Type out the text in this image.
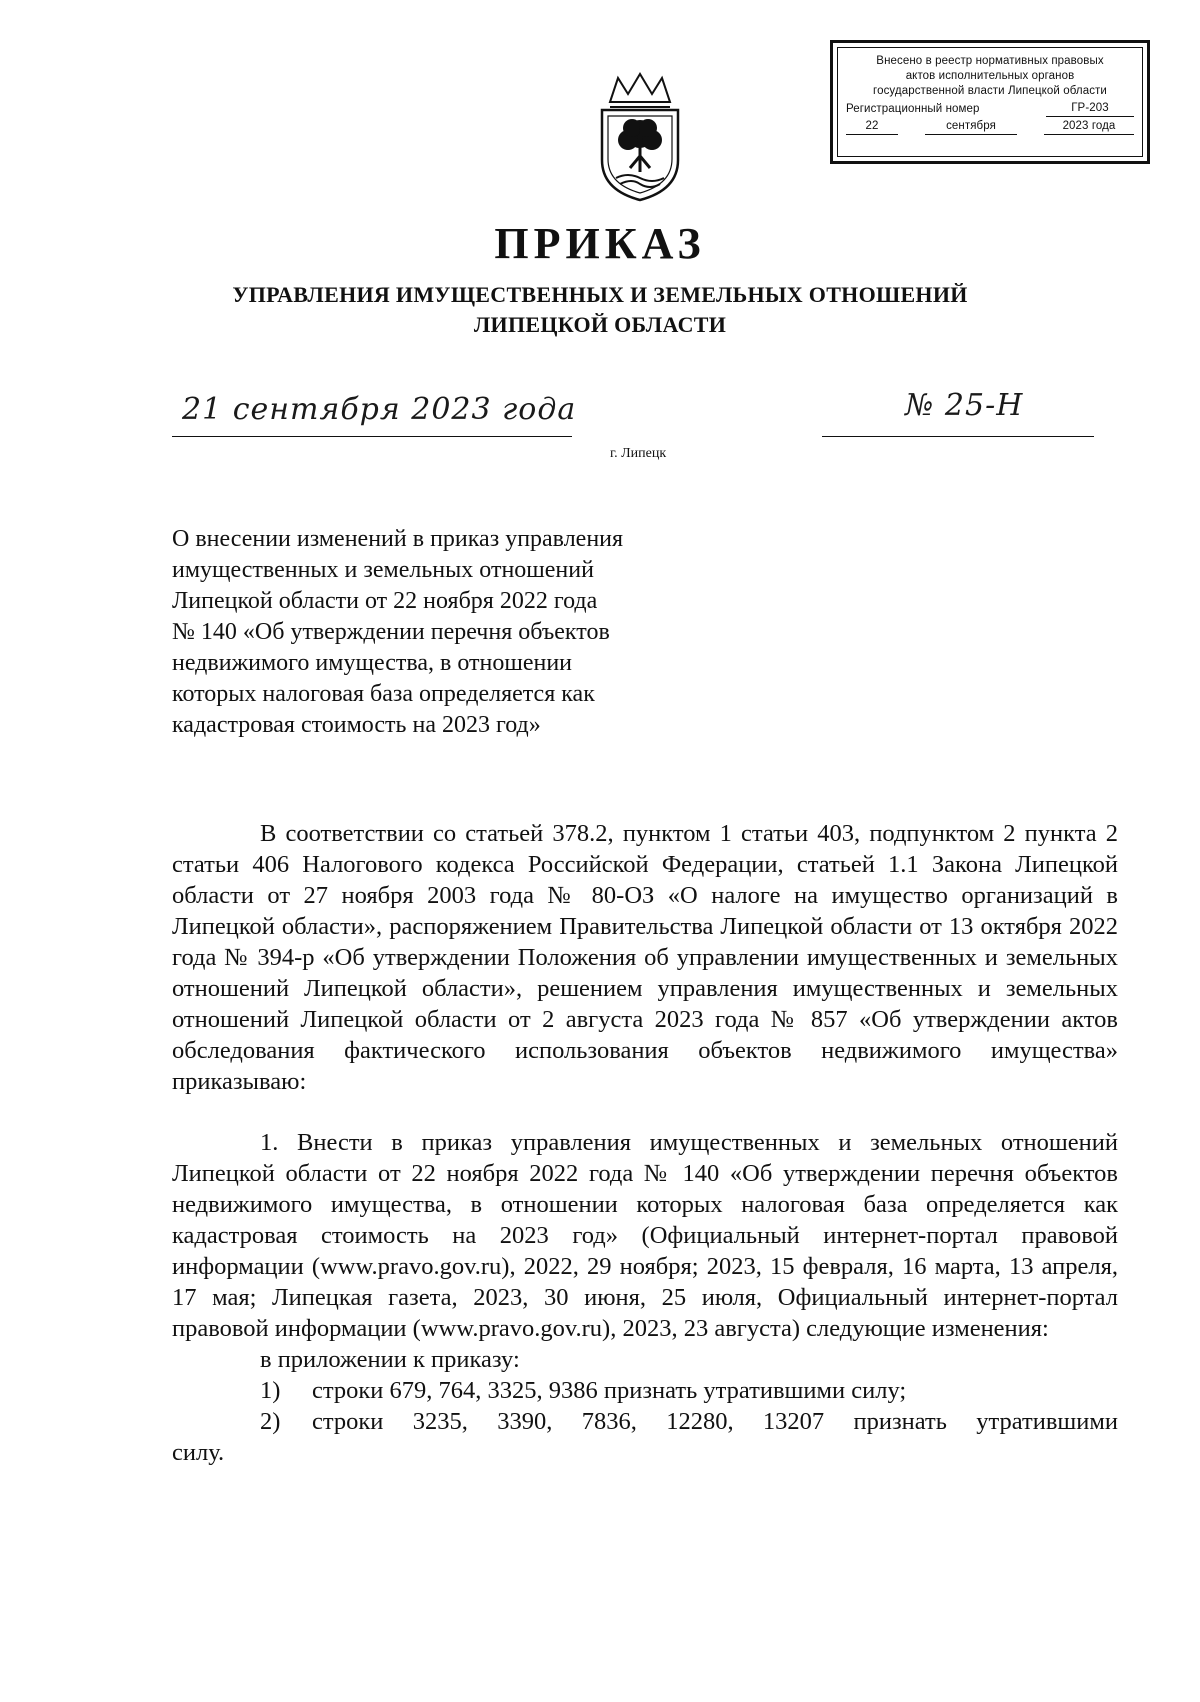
Внесено в реестр нормативных правовых
актов исполнительных органов
государственной власти Липецкой области
Регистрационный номер	ГР-203
22	сентября	2023 года
ПРИКАЗ
УПРАВЛЕНИЯ ИМУЩЕСТВЕННЫХ И ЗЕМЕЛЬНЫХ ОТНОШЕНИЙ
ЛИПЕЦКОЙ ОБЛАСТИ
21 сентября 2023 года	№ 25-Н
г. Липецк

О внесении изменений в приказ управления

имущественных и земельных отношений

Липецкой области от 22 ноября 2022 года

№ 140 «Об утверждении перечня объектов

недвижимого имущества, в отношении

которых налоговая база определяется как

кадастровая стоимость на 2023 год»

В соответствии со статьей 378.2, пунктом 1 статьи 403, подпунктом 2 пункта 2 статьи 406 Налогового кодекса Российской Федерации, статьей 1.1 Закона Липецкой области от 27 ноября 2003 года № 80-ОЗ «О налоге на имущество организаций в Липецкой области», распоряжением Правительства Липецкой области от 13 октября 2022 года № 394-р «Об утверждении Положения об управлении имущественных и земельных отношений Липецкой области», решением управления имущественных и земельных отношений Липецкой области от 2 августа 2023 года № 857 «Об утверждении актов обследования фактического использования объектов недвижимого имущества» приказываю:

1. Внести в приказ управления имущественных и земельных отношений Липецкой области от 22 ноября 2022 года № 140 «Об утверждении перечня объектов недвижимого имущества, в отношении которых налоговая база определяется как кадастровая стоимость на 2023 год» (Официальный интернет-портал правовой информации (www.pravo.gov.ru), 2022, 29 ноября; 2023, 15 февраля, 16 марта, 13 апреля, 17 мая; Липецкая газета, 2023, 30 июня, 25 июля, Официальный интернет-портал правовой информации (www.pravo.gov.ru), 2023, 23 августа) следующие изменения:

в приложении к приказу:

1)	строки 679, 764, 3325, 9386 признать утратившими силу;
2)	строки 3235, 3390, 7836, 12280, 13207 признать утратившими

силу.
